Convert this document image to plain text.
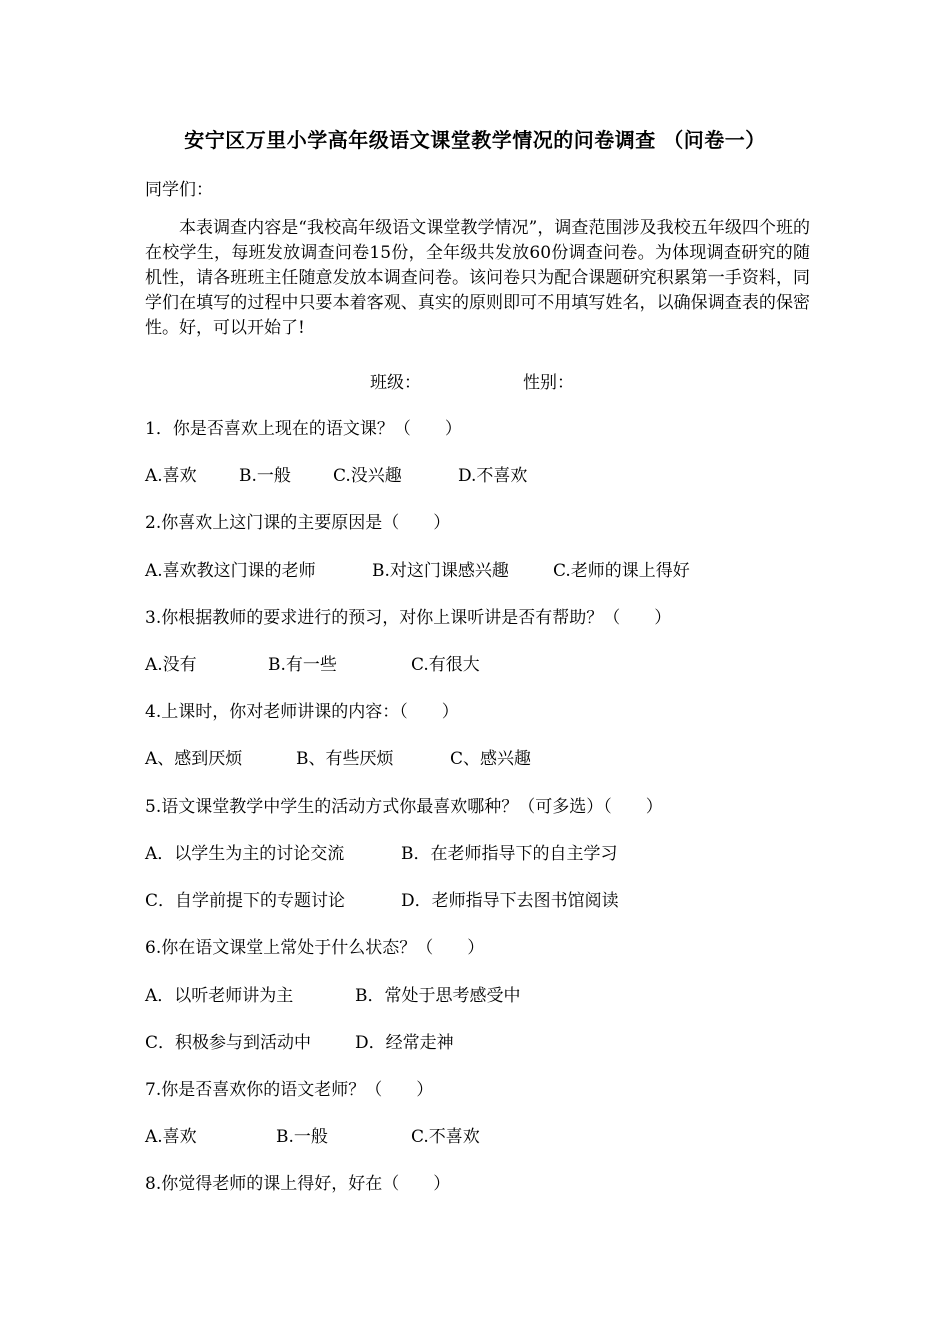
安宁区万里小学高年级语文课堂教学情况的问卷调查 （问卷一）
同学们：
本表调查内容是“我校高年级语文课堂教学情况”，调查范围涉及我校五年级四个班的在校学生，每班发放调查问卷15份，全年级共发放60份调查问卷。为体现调查研究的随机性，请各班班主任随意发放本调查问卷。该问卷只为配合课题研究积累第一手资料，同学们在填写的过程中只要本着客观、真实的原则即可不用填写姓名，以确保调查表的保密性。好，可以开始了!
班级：	性别：
1．你是否喜欢上现在的语文课？（　　）
A.喜欢 B.一般 C.没兴趣	D.不喜欢
2.你喜欢上这门课的主要原因是（　　）
A.喜欢教这门课的老师	B.对这门课感兴趣	C.老师的课上得好
3.你根据教师的要求进行的预习，对你上课听讲是否有帮助？（　　）
A.没有	B.有一些	C.有很大
4.上课时，你对老师讲课的内容：（　　）
A、感到厌烦	B、有些厌烦	C、感兴趣
5.语文课堂教学中学生的活动方式你最喜欢哪种？（可多选）（　　）
A．以学生为主的讨论交流	B．在老师指导下的自主学习
C．自学前提下的专题讨论	D．老师指导下去图书馆阅读
6.你在语文课堂上常处于什么状态？（　　）
A．以听老师讲为主	B．常处于思考感受中
C．积极参与到活动中	D．经常走神
7.你是否喜欢你的语文老师？（　　）
A.喜欢	B.一般	C.不喜欢
8.你觉得老师的课上得好，好在（　　）
